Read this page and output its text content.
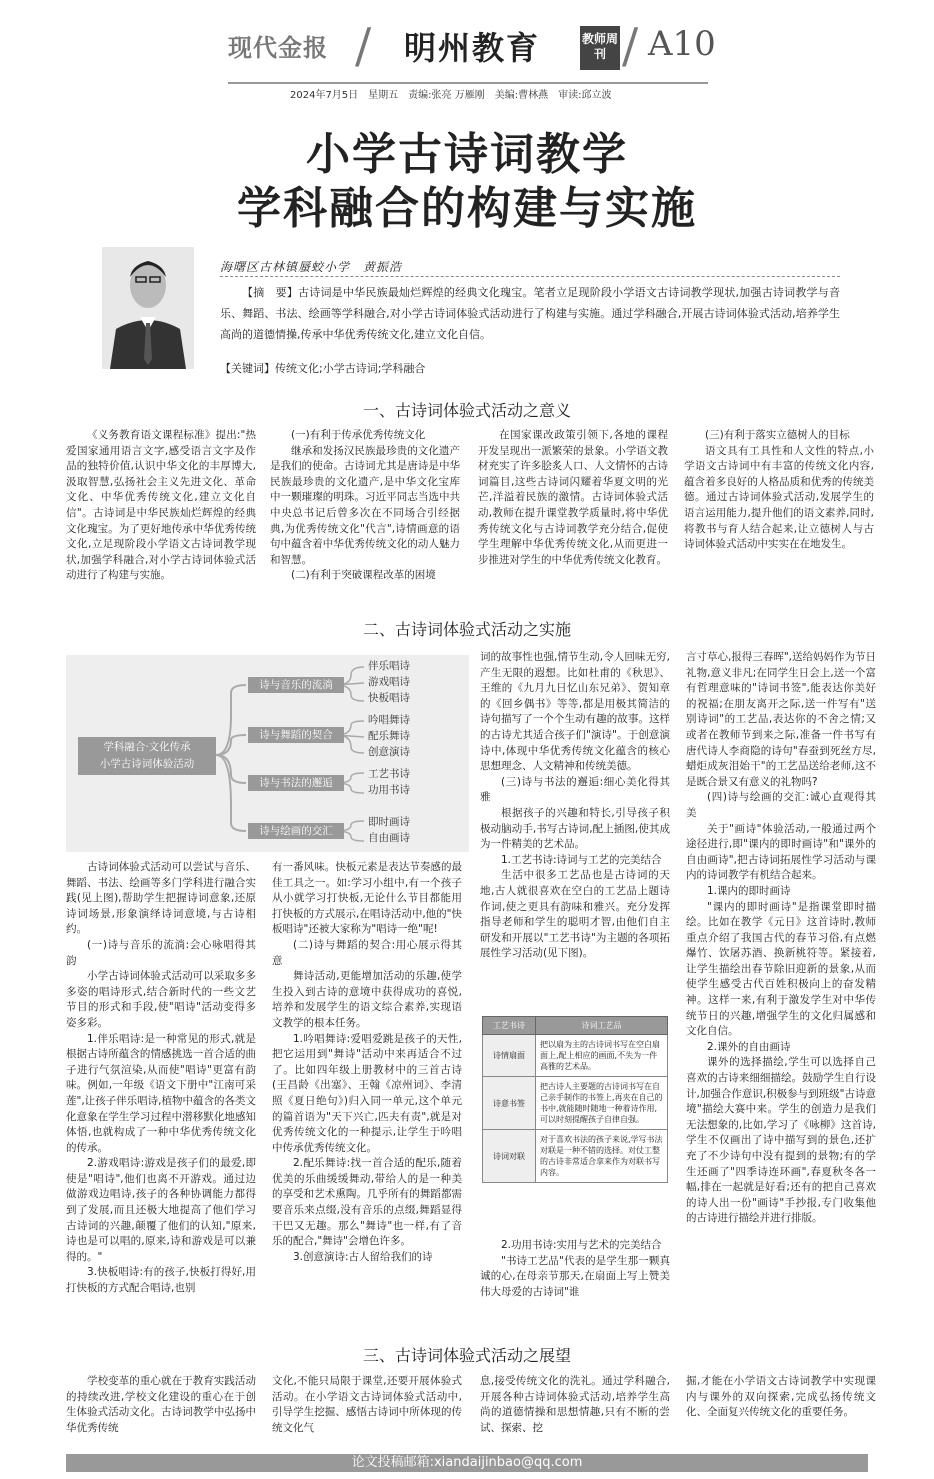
现代金报 / 明州教育	教师周刊 / A10
2024年7月5日　星期五　责编:张亮 万雁刚　美编:曹林燕　审读:邱立波
小学古诗词教学
学科融合的构建与实施
海曙区古林镇蜃蛟小学　黄振浩
【摘　要】古诗词是中华民族最灿烂辉煌的经典文化瑰宝。笔者立足现阶段小学语文古诗词教学现状,加强古诗词教学与音乐、舞蹈、书法、绘画等学科融合,对小学古诗词体验式活动进行了构建与实施。通过学科融合,开展古诗词体验式活动,培养学生高尚的道德情操,传承中华优秀传统文化,建立文化自信。
【关键词】传统文化;小学古诗词;学科融合
一、古诗词体验式活动之意义

《义务教育语文课程标准》提出:"热爱国家通用语言文字,感受语言文字及作品的独特价值,认识中华文化的丰厚博大,汲取智慧,弘扬社会主义先进文化、革命文化、中华优秀传统文化,建立文化自信"。古诗词是中华民族灿烂辉煌的经典文化瑰宝。为了更好地传承中华优秀传统文化,立足现阶段小学语文古诗词教学现状,加强学科融合,对小学古诗词体验式活动进行了构建与实施。

(一)有利于传承优秀传统文化

继承和发扬汉民族最珍贵的文化遗产是我们的使命。古诗词尤其是唐诗是中华民族最珍贵的文化遗产,是中华文化宝库中一颗璀璨的明珠。习近平同志当选中共中央总书记后曾多次在不同场合引经据典,为优秀传统文化"代言",诗情画意的语句中蕴含着中华优秀传统文化的动人魅力和智慧。

(二)有利于突破课程改革的困境

在国家课改政策引领下,各地的课程开发呈现出一派繁荣的景象。小学语文教材充实了许多脍炙人口、人文情怀的古诗词篇目,这些古诗词闪耀着华夏文明的光芒,洋溢着民族的激情。古诗词体验式活动,教师在提升课堂教学质量时,将中华优秀传统文化与古诗词教学充分结合,促使学生理解中华优秀传统文化,从而更进一步推进对学生的中华优秀传统文化教育。

(三)有利于落实立德树人的目标

语文具有工具性和人文性的特点,小学语文古诗词中有丰富的传统文化内容,蕴含着多良好的人格品质和优秀的传统美德。通过古诗词体验式活动,发展学生的语言运用能力,提升他们的语文素养,同时,将教书与育人结合起来,让立德树人与古诗词体验式活动中实实在在地发生。

二、古诗词体验式活动之实施
学科融合·文化传承
小学古诗词体验活动
诗与音乐的流淌
诗与舞蹈的契合
诗与书法的邂逅
诗与绘画的交汇
伴乐唱诗
游戏唱诗
快板唱诗
吟唱舞诗
配乐舞诗
创意演诗
工艺书诗
功用书诗
即时画诗
自由画诗

古诗词体验式活动可以尝试与音乐、舞蹈、书法、绘画等多门学科进行融合实践(见上图),帮助学生把握诗词意象,还原诗词场景,形象演绎诗词意境,与古诗相约。

(一)诗与音乐的流淌:会心咏唱得其韵

小学古诗词体验式活动可以采取多多多姿的唱诗形式,结合新时代的一些文艺节目的形式和手段,使"唱诗"活动变得多姿多彩。

1.伴乐唱诗:是一种常见的形式,就是根据古诗所蕴含的情感挑选一首合适的曲子进行气氛渲染,从而使"唱诗"更富有韵味。例如,一年级《语文下册中"江南可采莲",让孩子伴乐唱诗,植物中蕴含的各类文化意象在学生学习过程中潜移默化地感知体悟,也就构成了一种中华优秀传统文化的传承。

2.游戏唱诗:游戏是孩子们的最爱,即使是"唱诗",他们也离不开游戏。通过边做游戏边唱诗,孩子的各种协调能力都得到了发展,而且还极大地提高了他们学习古诗词的兴趣,颠覆了他们的认知,"原来,诗也是可以唱的,原来,诗和游戏是可以兼得的。"

3.快板唱诗:有的孩子,快板打得好,用打快板的方式配合唱诗,也别

有一番风味。快板元素是表达节奏感的最佳工具之一。如:学习小组中,有一个孩子从小就学习打快板,无论什么节目都能用打快板的方式展示,在唱诗活动中,他的"快板唱诗"还被大家称为"唱诗一绝"呢!

(二)诗与舞蹈的契合:用心展示得其意

舞诗活动,更能增加活动的乐趣,使学生投入到古诗的意境中获得成功的喜悦,培养和发展学生的语文综合素养,实现语文教学的根本任务。

1.吟唱舞诗:爱唱爱跳是孩子的天性,把它运用到"舞诗"活动中来再适合不过了。比如四年级上册教材中的三首古诗(王昌龄《出塞》、王翰《凉州词》、李清照《夏日绝句》)归入同一单元,这个单元的篇首语为"天下兴亡,匹夫有责",就是对优秀传统文化的一种提示,让学生于吟唱中传承优秀传统文化。

2.配乐舞诗:找一首合适的配乐,随着优美的乐曲缓缓舞动,带给人的是一种美的享受和艺术熏陶。几乎所有的舞蹈都需要音乐来点缀,没有音乐的点缀,舞蹈显得干巴又无趣。那么"舞诗"也一样,有了音乐的配合,"舞诗"会增色许多。

3.创意演诗:古人留给我们的诗

词的故事性也强,情节生动,令人回味无穷,产生无限的遐想。比如杜甫的《秋思》、王维的《九月九日忆山东兄弟》、贺知章的《回乡偶书》等等,都是用极其简洁的诗句描写了一个个生动有趣的故事。这样的古诗尤其适合孩子们"演诗"。于创意演诗中,体现中华优秀传统文化蕴含的核心思想理念、人文精神和传统美德。

(三)诗与书法的邂逅:细心美化得其雅

根据孩子的兴趣和特长,引导孩子积极动脑动手,书写古诗词,配上插图,使其成为一件精美的艺术品。

1.工艺书诗:诗词与工艺的完美结合

生活中很多工艺品也是古诗词的天地,古人就很喜欢在空白的工艺品上题诗作词,使之更具有韵味和雅兴。充分发挥指导老师和学生的聪明才智,由他们自主研发和开展以"工艺书诗"为主题的各项拓展性学习活动(见下图)。

工艺书诗	诗词工艺品
诗情扇面	把以扇为主的古诗词书写在空白扇面上,配上相应的画面,不失为一件高雅的艺术品。
诗意书签	把古诗人主要题的古诗词书写在自己亲手制作的书签上,再夹在自己的书中,就能随时随地一种着诗作用,可以时刻提醒孩子自律自强。
诗词对联	对于喜欢书法的孩子来说,学写书法对联是一种不错的选择。对仗工整的古诗非常适合拿来作为对联书写内容。

2.功用书诗:实用与艺术的完美结合

"书诗工艺品"代表的是学生那一颗真诚的心,在母亲节那天,在扇面上写上赞美伟大母爱的古诗词"谁

言寸草心,报得三春晖",送给妈妈作为节日礼物,意义非凡;在同学生日会上,送一个富有哲理意味的"诗词书签",能表达你美好的祝福;在朋友离开之际,送一件写有"送别诗词"的工艺品,表达你的不舍之情;又或者在教师节到来之际,准备一件书写有唐代诗人李商隐的诗句"春蚕到死丝方尽,蜡炬成灰泪始干"的工艺品送给老师,这不是既合景又有意义的礼物吗?

(四)诗与绘画的交汇:诚心直观得其美

关于"画诗"体验活动,一般通过两个途径进行,即"课内的即时画诗"和"课外的自由画诗",把古诗词拓展性学习活动与课内的诗词教学有机结合起来。

1.课内的即时画诗

"课内的即时画诗"是指课堂即时描绘。比如在教学《元日》这首诗时,教师重点介绍了我国古代的春节习俗,有点燃爆竹、饮屠苏酒、换新桃符等。紧接着,让学生描绘出春节除旧迎新的景象,从而使学生感受古代百姓积极向上的奋发精神。这样一来,有利于激发学生对中华传统节日的兴趣,增强学生的文化归属感和文化自信。

2.课外的自由画诗

课外的选择描绘,学生可以选择自己喜欢的古诗来细细描绘。鼓励学生自行设计,加强合作意识,积极参与到班级"古诗意境"描绘大赛中来。学生的创造力是我们无法想象的,比如,学习了《咏柳》这首诗,学生不仅画出了诗中描写到的景色,还扩充了不少诗句中没有提到的景物;有的学生还画了"四季诗连环画",春夏秋冬各一幅,排在一起就是好看;还有的把自己喜欢的诗人出一份"画诗"手抄报,专门收集他的古诗进行描绘并进行排版。

三、古诗词体验式活动之展望

学校变革的重心就在于教育实践活动的持续改进,学校文化建设的重心在于创生体验式活动文化。古诗词教学中弘扬中华优秀传统

文化,不能只局限于课堂,还要开展体验式活动。在小学语文古诗词体验式活动中,引导学生挖掘、感悟古诗词中所体现的传统文化气

息,接受传统文化的洗礼。通过学科融合,开展各种古诗词体验式活动,培养学生高尚的道德情操和思想情趣,只有不断的尝试、探索、挖

掘,才能在小学语文古诗词教学中实现课内与课外的双向探索,完成弘扬传统文化、全面复兴传统文化的重要任务。

论文投稿邮箱:xiandaijinbao@qq.com
